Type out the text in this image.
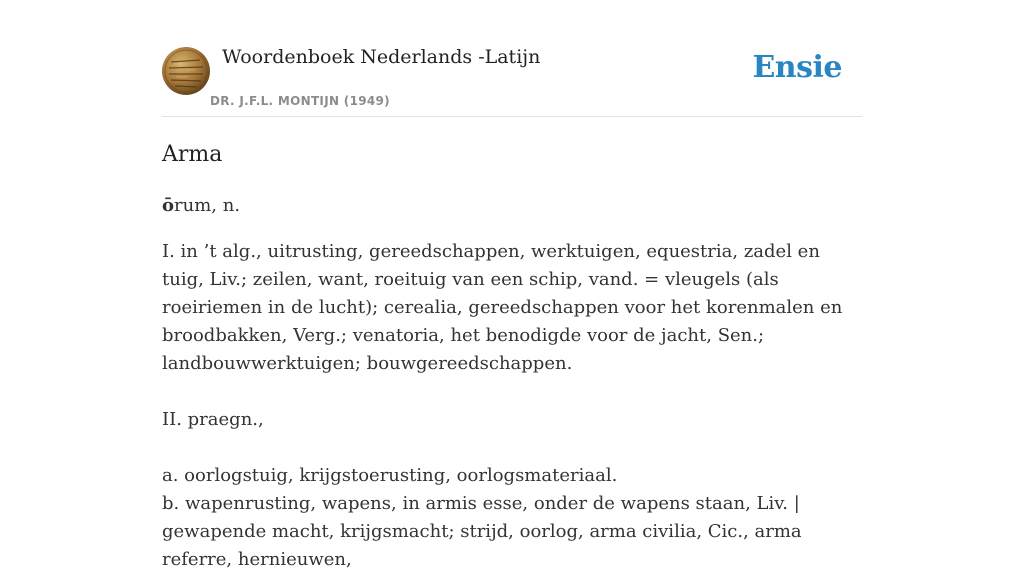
Woordenboek Nederlands -Latijn
DR. J.F.L. MONTIJN (1949)
Ensie
Arma

ōrum, n.

I. in ’t alg., uitrusting, gereedschappen, werktuigen, equestria, zadel en tuig, Liv.; zeilen, want, roeituig van een schip, vand. = vleugels (als roeiriemen in de lucht); cerealia, gereedschappen voor het korenmalen en broodbakken, Verg.; venatoria, het benodigde voor de jacht, Sen.; landbouwwerktuigen; bouwgereedschappen.

II. praegn.,

a. oorlogstuig, krijgstoerusting, oorlogsmateriaal.

b. wapenrusting, wapens, in armis esse, onder de wapens staan, Liv. | gewapende macht, krijgsmacht; strijd, oorlog, arma civilia, Cic., arma referre, hernieuwen,
